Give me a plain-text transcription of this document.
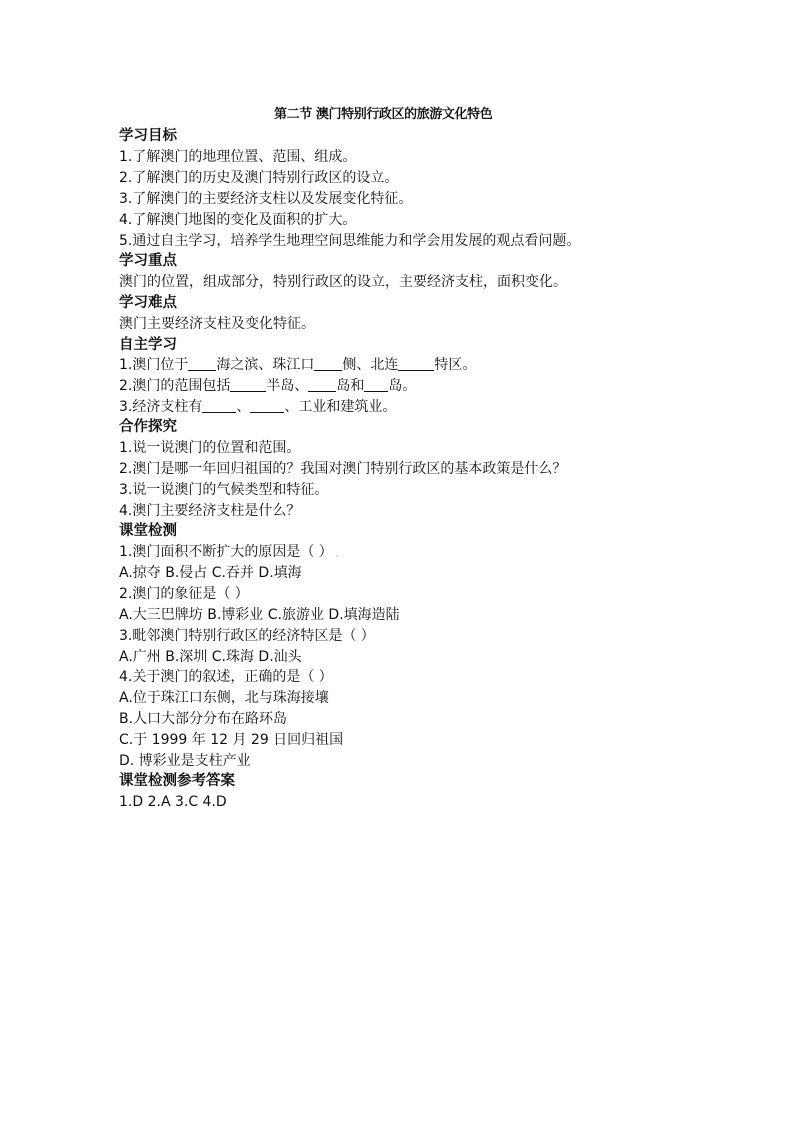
第二节 澳门特别行政区的旅游文化特色
学习目标
1.了解澳门的地理位置、范围、组成。
2.了解澳门的历史及澳门特别行政区的设立。
3.了解澳门的主要经济支柱以及发展变化特征。
4.了解澳门地图的变化及面积的扩大。
5.通过自主学习，培养学生地理空间思维能力和学会用发展的观点看问题。
学习重点
澳门的位置，组成部分，特别行政区的设立，主要经济支柱，面积变化。
学习难点
澳门主要经济支柱及变化特征。
自主学习
1.澳门位于 海之滨、珠江口 侧、北连	特区。
2.澳门的范围包括	半岛、 岛和 岛。
3.经济支柱有 、 、工业和建筑业。
合作探究
1.说一说澳门的位置和范围。
2.澳门是哪一年回归祖国的？我国对澳门特别行政区的基本政策是什么？
3.说一说澳门的气候类型和特征。
4.澳门主要经济支柱是什么？
课堂检测
1.澳门面积不断扩大的原因是（ ） .
A.掠夺 B.侵占 C.吞并 D.填海
2.澳门的象征是（ ）
A.大三巴牌坊 B.博彩业 C.旅游业 D.填海造陆
3.毗邻澳门特别行政区的经济特区是（ ）
A.广州 B.深圳 C.珠海 D.汕头
4.关于澳门的叙述，正确的是（ ）
A.位于珠江口东侧，北与珠海接壤
B.人口大部分分布在路环岛
C.于 1999 年 12 月 29 日回归祖国
D. 博彩业是支柱产业
课堂检测参考答案
1.D 2.A 3.C 4.D
